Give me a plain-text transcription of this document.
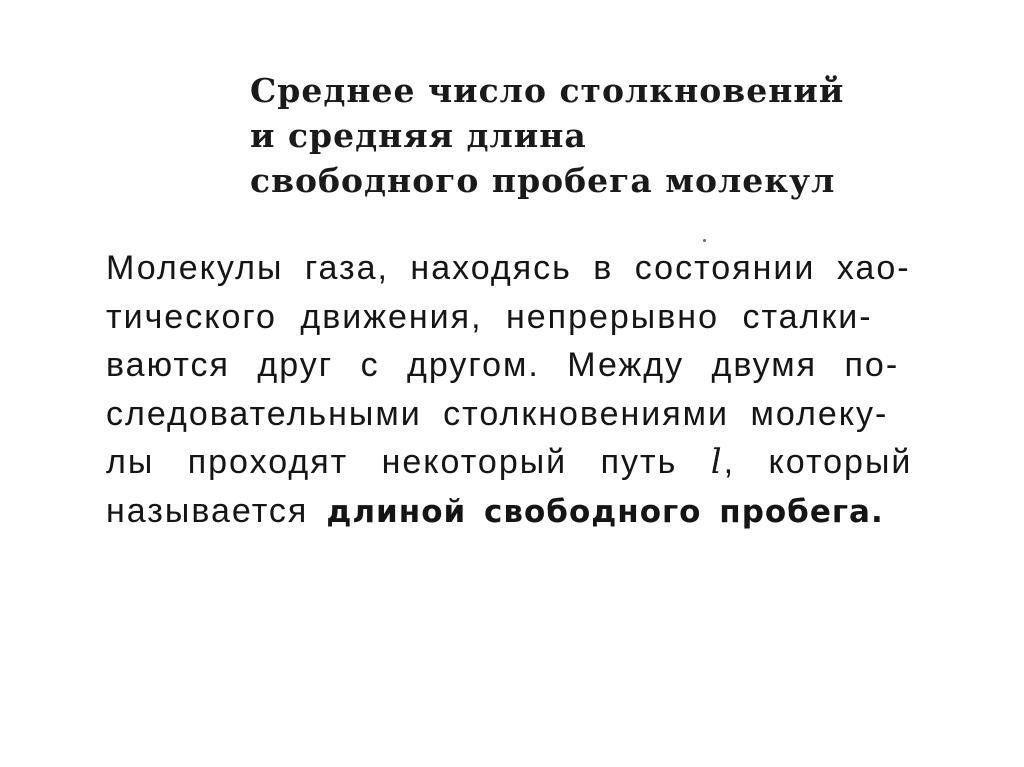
Среднее число столкновений
и средняя длина
свободного пробега молекул

Молекулы газа, находясь в состоянии хао-
тического движения, непрерывно сталки-
ваются друг с другом. Между двумя по-
следовательными столкновениями молеку-
лы проходят некоторый путь l, который
называется длиной свободного пробега.
